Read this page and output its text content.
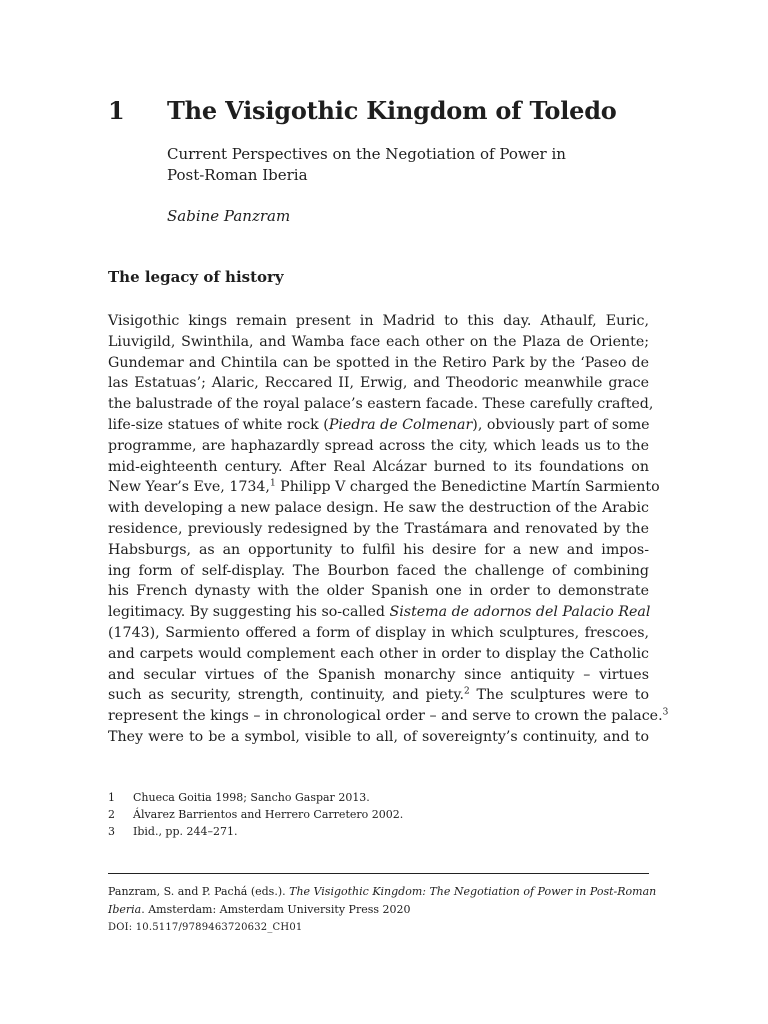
1 The Visigothic Kingdom of Toledo
Current Perspectives on the Negotiation of Power in
Post-Roman Iberia
Sabine Panzram
The legacy of history
Visigothic kings remain present in Madrid to this day. Athaulf, Euric,
Liuvigild, Swinthila, and Wamba face each other on the Plaza de Oriente;
Gundemar and Chintila can be spotted in the Retiro Park by the ‘Paseo de
las Estatuas’; Alaric, Reccared II, Erwig, and Theodoric meanwhile grace
the balustrade of the royal palace’s eastern facade. These carefully crafted,
life-size statues of white rock (Piedra de Colmenar), obviously part of some
programme, are haphazardly spread across the city, which leads us to the
mid-eighteenth century. After Real Alcázar burned to its foundations on
New Year’s Eve, 1734,$^1$ Philipp V charged the Benedictine Martín Sarmiento
with developing a new palace design. He saw the destruction of the Arabic
residence, previously redesigned by the Trastámara and renovated by the
Habsburgs, as an opportunity to fulfil his desire for a new and impos-
ing form of self-display. The Bourbon faced the challenge of combining
his French dynasty with the older Spanish one in order to demonstrate
legitimacy. By suggesting his so-called Sistema de adornos del Palacio Real
(1743), Sarmiento offered a form of display in which sculptures, frescoes,
and carpets would complement each other in order to display the Catholic
and secular virtues of the Spanish monarchy since antiquity – virtues
such as security, strength, continuity, and piety.$^2$ The sculptures were to
represent the kings – in chronological order – and serve to crown the palace.$^3$
They were to be a symbol, visible to all, of sovereignty’s continuity, and to
1	Chueca Goitia 1998; Sancho Gaspar 2013.
2	Álvarez Barrientos and Herrero Carretero 2002.
3	Ibid., pp. 244–271.
Panzram, S. and P. Pachá (eds.). The Visigothic Kingdom: The Negotiation of Power in Post-Roman
Iberia. Amsterdam: Amsterdam University Press 2020
DOI: 10.5117/9789463720632_CH01
